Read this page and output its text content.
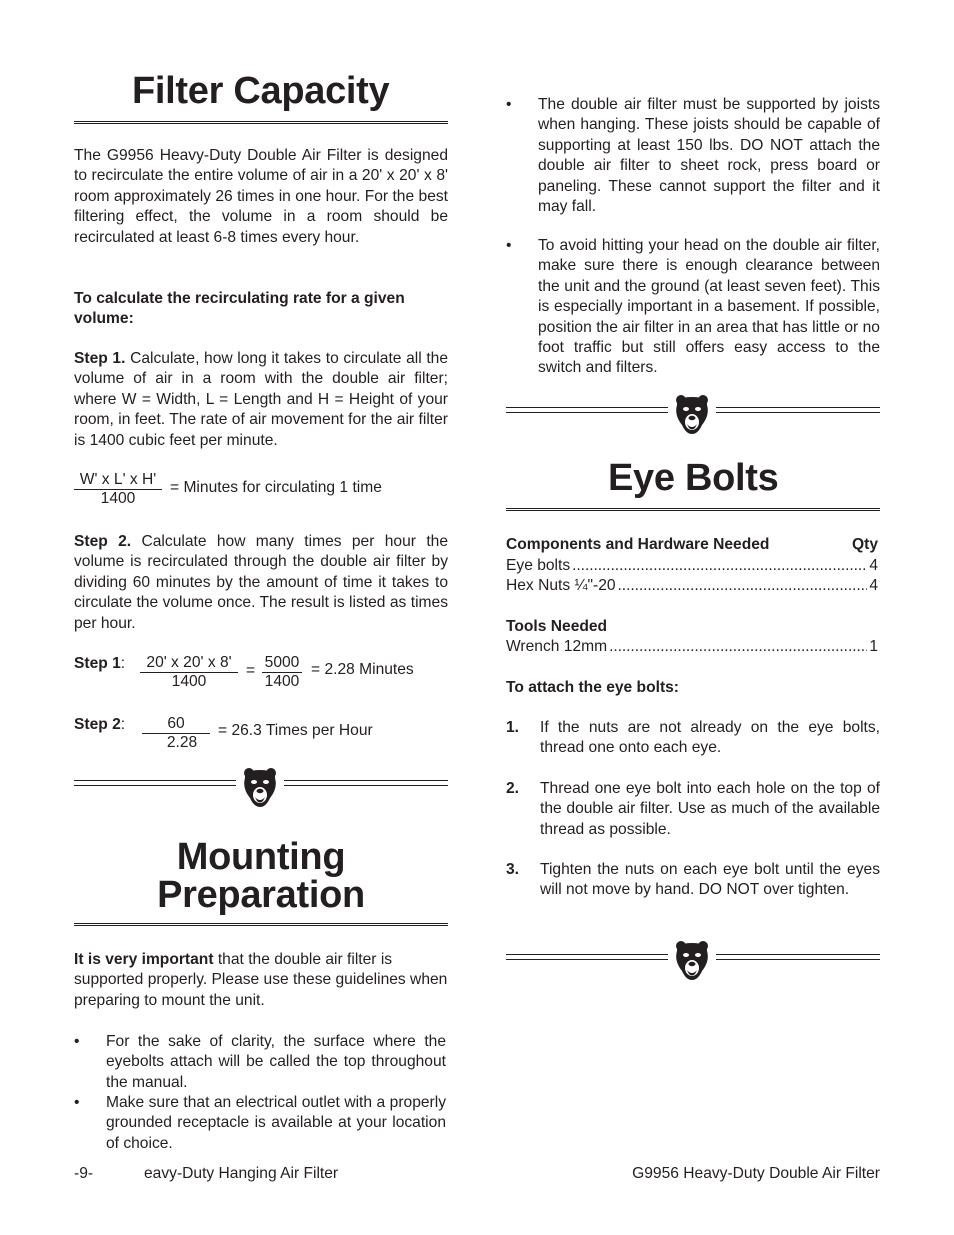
Filter Capacity
The G9956 Heavy-Duty Double Air Filter is designed to recirculate the entire volume of air in a 20' x 20' x 8' room approximately 26 times in one hour. For the best filtering effect, the volume in a room should be recirculated at least 6-8 times every hour.
To calculate the recirculating rate for a given volume:
Step 1. Calculate, how long it takes to circulate all the volume of air in a room with the double air filter; where W = Width, L = Length and H = Height of your room, in feet. The rate of air movement for the air filter is 1400 cubic feet per minute.
$\frac{\text{W' x L' x H'}}{1400}$ = Minutes for circulating 1 time
Step 2. Calculate how many times per hour the volume is recirculated through the double air filter by dividing 60 minutes by the amount of time it takes to circulate the volume once. The result is listed as times per hour.
Step 1: $\frac{20' x 20' x 8'}{1400} = \frac{5000}{1400} = 2.28$ Minutes
Step 2: $\frac{60}{2.28} = 26.3$ Times per Hour
Mounting
Preparation
It is very important that the double air filter is supported properly. Please use these guidelines when preparing to mount the unit.
• For the sake of clarity, the surface where the eyebolts attach will be called the top throughout the manual.
• Make sure that an electrical outlet with a properly grounded receptacle is available at your location of choice.
• The double air filter must be supported by joists when hanging. These joists should be capable of supporting at least 150 lbs. DO NOT attach the double air filter to sheet rock, press board or paneling. These cannot support the filter and it may fall.
• To avoid hitting your head on the double air filter, make sure there is enough clearance between the unit and the ground (at least seven feet). This is especially important in a basement. If possible, position the air filter in an area that has little or no foot traffic but still offers easy access to the switch and filters.
Eye Bolts
Components and Hardware Needed	Qty
Eye bolts . . .	4
Hex Nuts ¼"-20 . . .	4
Tools Needed
Wrench 12mm . . .	1
To attach the eye bolts:
1. If the nuts are not already on the eye bolts, thread one onto each eye.
2. Thread one eye bolt into each hole on the top of the double air filter. Use as much of the available thread as possible.
3. Tighten the nuts on each eye bolt until the eyes will not move by hand. DO NOT over tighten.
-9-	eavy-Duty Hanging Air Filter	G9956 Heavy-Duty Double Air Filter
